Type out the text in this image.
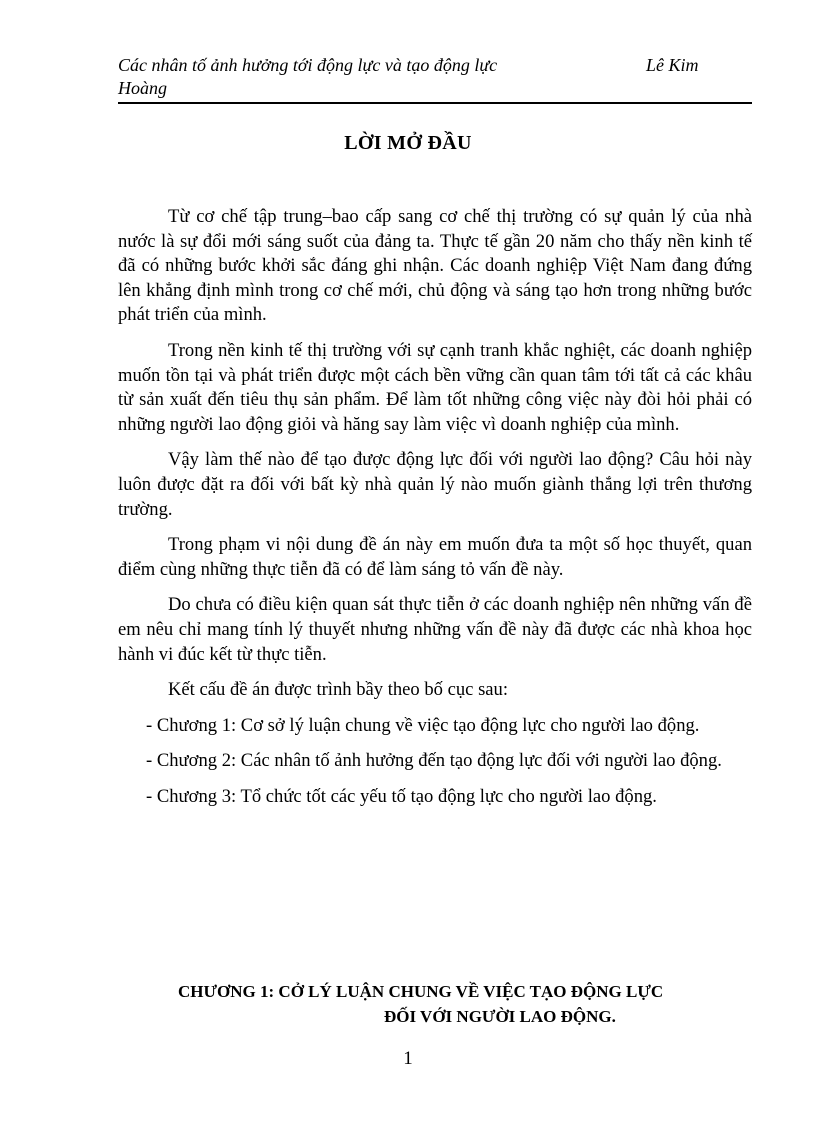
Các nhân tố ảnh hưởng tới động lực và tạo động lực	Lê Kim
Hoàng
LỜI MỞ ĐẦU

Từ cơ chế tập trung–bao cấp sang cơ chế thị trường có sự quản lý của nhà nước là sự đổi mới sáng suốt của đảng ta. Thực tế gần 20 năm cho thấy nền kinh tế đã có những bước khởi sắc đáng ghi nhận. Các doanh nghiệp Việt Nam đang đứng lên khẳng định mình trong cơ chế mới, chủ động và sáng tạo hơn trong những bước phát triển của mình.

Trong nền kinh tế thị trường với sự cạnh tranh khắc nghiệt, các doanh nghiệp muốn tồn tại và phát triển được một cách bền vững cần quan tâm tới tất cả các khâu từ sản xuất đến tiêu thụ sản phẩm. Để làm tốt những công việc này đòi hỏi phải có những người lao động giỏi và hăng say làm việc vì doanh nghiệp của mình.

Vậy làm thế nào để tạo được động lực đối với người lao động? Câu hỏi này luôn được đặt ra đối với bất kỳ nhà quản lý nào muốn giành thắng lợi trên thương trường.

Trong phạm vi nội dung đề án này em muốn đưa ta một số học thuyết, quan điểm cùng những thực tiễn đã có để làm sáng tỏ vấn đề này.

Do chưa có điều kiện quan sát thực tiễn ở các doanh nghiệp nên những vấn đề em nêu chỉ mang tính lý thuyết nhưng những vấn đề này đã được các nhà khoa học hành vi đúc kết từ thực tiễn.

Kết cấu đề án được trình bầy theo bố cục sau:

- Chương 1: Cơ sở lý luận chung về việc tạo động lực cho người lao động.

- Chương 2: Các nhân tố ảnh hưởng đến tạo động lực đối với người lao động.

- Chương 3: Tổ chức tốt các yếu tố tạo động lực cho người lao động.

CHƯƠNG 1: CỞ LÝ LUẬN CHUNG VỀ VIỆC TẠO ĐỘNG LỰC
ĐỐI VỚI NGƯỜI LAO ĐỘNG.
1
